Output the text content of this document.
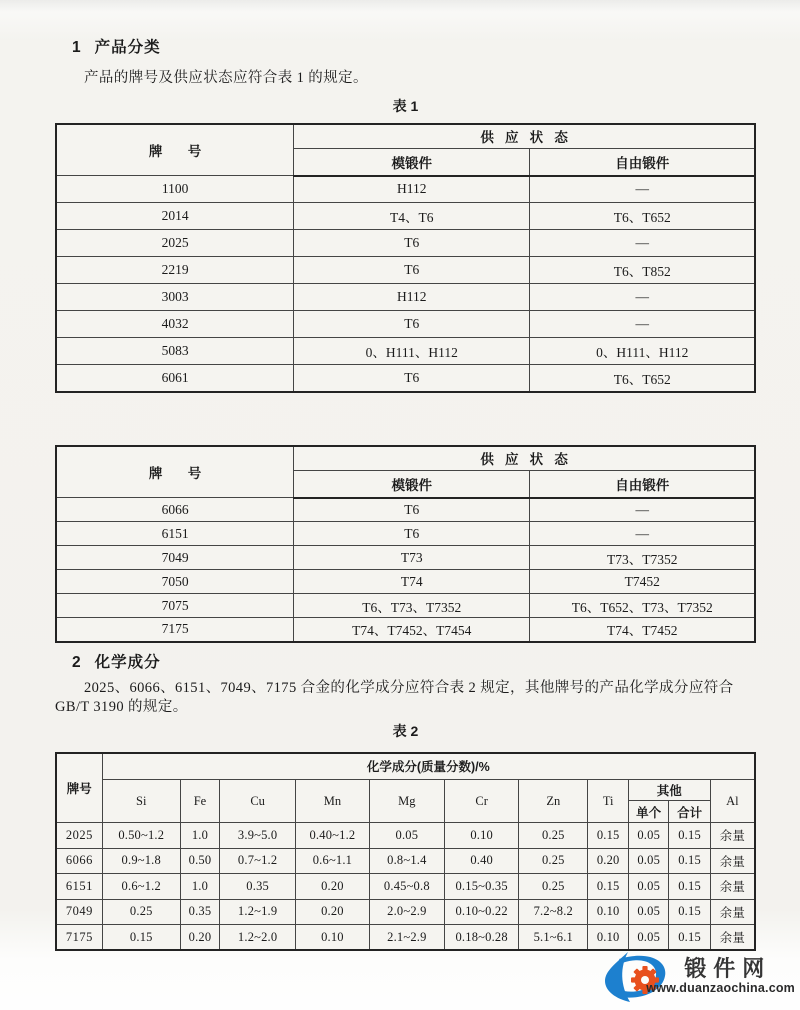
1 产品分类

产品的牌号及供应状态应符合表 1 的规定。

表 1
牌 号	供 应 状 态	
	模锻件	自由锻件
1100	H112	—
2014	T4、T6	T6、T652
2025	T6	—
2219	T6	T6、T852
3003	H112	—
4032	T6	—
5083	0、H111、H112	0、H111、H112
6061	T6	T6、T652
牌 号	供 应 状 态	
	模锻件	自由锻件
6066	T6	—
6151	T6	—
7049	T73	T73、T7352
7050	T74	T7452
7075	T6、T73、T7352	T6、T652、T73、T7352
7175	T74、T7452、T7454	T74、T7452
2 化学成分

2025、6066、6151、7049、7175 合金的化学成分应符合表 2 规定，其他牌号的产品化学成分应符合 GB/T 3190 的规定。

表 2
牌号	化学成分(质量分数)/%										
	Si	Fe	Cu	Mn	Mg	Cr	Zn	Ti	其他		Al
									单个	合计	
2025	0.50~1.2	1.0	3.9~5.0	0.40~1.2	0.05	0.10	0.25	0.15	0.05	0.15	余量
6066	0.9~1.8	0.50	0.7~1.2	0.6~1.1	0.8~1.4	0.40	0.25	0.20	0.05	0.15	余量
6151	0.6~1.2	1.0	0.35	0.20	0.45~0.8	0.15~0.35	0.25	0.15	0.05	0.15	余量
7049	0.25	0.35	1.2~1.9	0.20	2.0~2.9	0.10~0.22	7.2~8.2	0.10	0.05	0.15	余量
7175	0.15	0.20	1.2~2.0	0.10	2.1~2.9	0.18~0.28	5.1~6.1	0.10	0.05	0.15	余量
锻件网
www.duanzaochina.com
